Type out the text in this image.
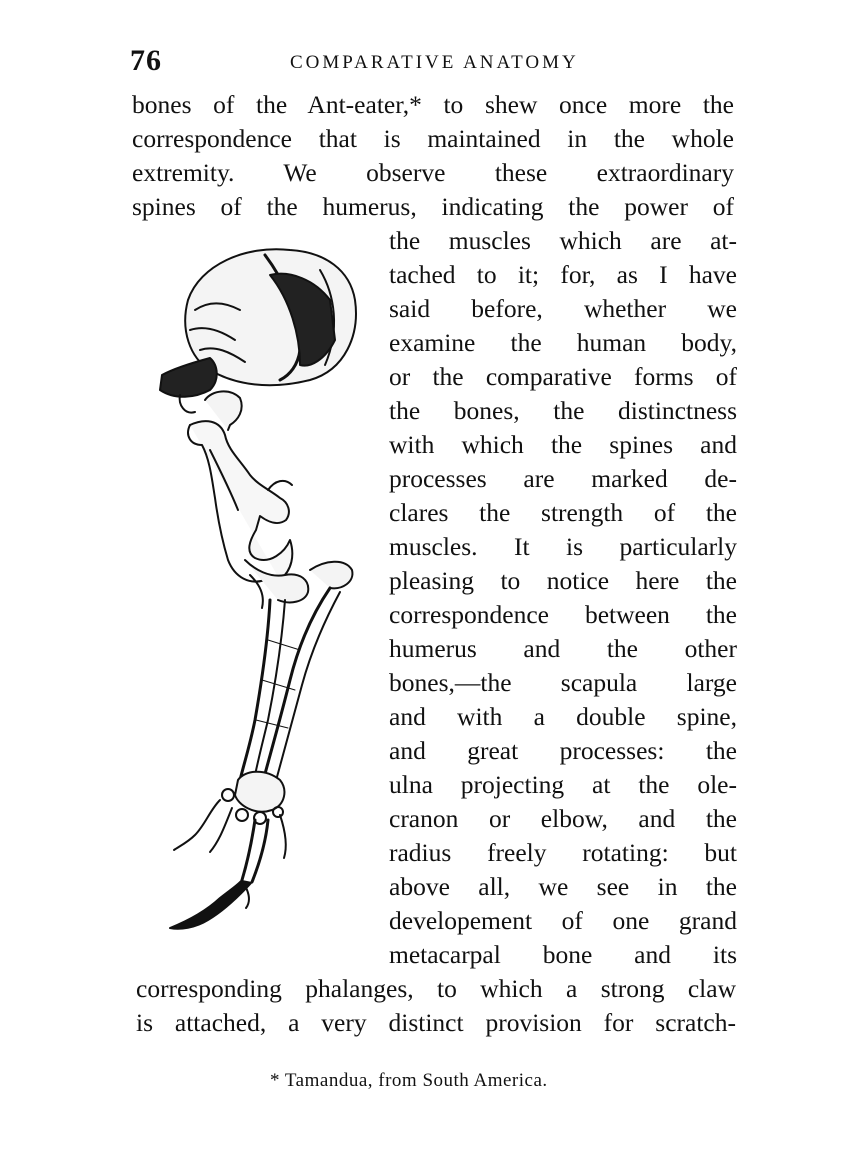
76	COMPARATIVE ANATOMY
bones of the Ant-eater,* to shew once more the
correspondence that is maintained in the whole
extremity. We observe these extraordinary
spines of the humerus, indicating the power of
the muscles which are at-
tached to it; for, as I have
said before, whether we
examine the human body,
or the comparative forms of
the bones, the distinctness
with which the spines and
processes are marked de-
clares the strength of the
muscles. It is particularly
pleasing to notice here the
correspondence between the
humerus and the other
bones,—the scapula large
and with a double spine,
and great processes: the
ulna projecting at the ole-
cranon or elbow, and the
radius freely rotating: but
above all, we see in the
developement of one grand
metacarpal bone and its
corresponding phalanges, to which a strong claw
is attached, a very distinct provision for scratch-
* Tamandua, from South America.
